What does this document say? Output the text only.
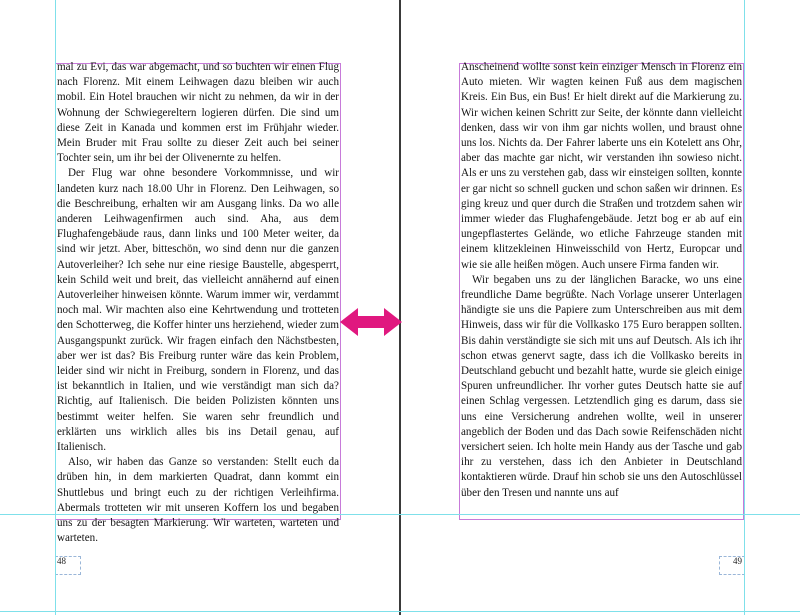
mal zu Evi, das war abgemacht, und so buchten wir einen Flug nach Florenz. Mit einem Leihwagen dazu bleiben wir auch mobil. Ein Hotel brauchen wir nicht zu nehmen, da wir in der Wohnung der Schwiegereltern logieren dürfen. Die sind um diese Zeit in Kanada und kommen erst im Frühjahr wieder. Mein Bruder mit Frau sollte zu dieser Zeit auch bei seiner Tochter sein, um ihr bei der Olivenernte zu helfen.

Der Flug war ohne besondere Vorkommnisse, und wir landeten kurz nach 18.00 Uhr in Florenz. Den Leihwagen, so die Beschreibung, erhalten wir am Ausgang links. Da wo alle anderen Leihwagenfirmen auch sind. Aha, aus dem Flughafengebäude raus, dann links und 100 Meter weiter, da sind wir jetzt. Aber, bitteschön, wo sind denn nur die ganzen Autoverleiher? Ich sehe nur eine riesige Baustelle, abgesperrt, kein Schild weit und breit, das vielleicht annähernd auf einen Autoverleiher hinweisen könnte. Warum immer wir, verdammt noch mal. Wir machten also eine Kehrtwendung und trotteten den Schotterweg, die Koffer hinter uns herziehend, wieder zum Ausgangspunkt zurück. Wir fragen einfach den Nächstbesten, aber wer ist das? Bis Freiburg runter wäre das kein Problem, leider sind wir nicht in Freiburg, sondern in Florenz, und das ist bekanntlich in Italien, und wie verständigt man sich da? Richtig, auf Italienisch. Die beiden Polizisten könnten uns bestimmt weiter helfen. Sie waren sehr freundlich und erklärten uns wirklich alles bis ins Detail genau, auf Italienisch.

Also, wir haben das Ganze so verstanden: Stellt euch da drüben hin, in dem markierten Quadrat, dann kommt ein Shuttlebus und bringt euch zu der richtigen Verleihfirma. Abermals trotteten wir mit unseren Koffern los und begaben uns zu der besagten Markierung. Wir warteten, warteten und warteten.

48

Anscheinend wollte sonst kein einziger Mensch in Florenz ein Auto mieten. Wir wagten keinen Fuß aus dem magischen Kreis. Ein Bus, ein Bus! Er hielt direkt auf die Markierung zu. Wir wichen keinen Schritt zur Seite, der könnte dann vielleicht denken, dass wir von ihm gar nichts wollen, und braust ohne uns los. Nichts da. Der Fahrer laberte uns ein Kotelett ans Ohr, aber das machte gar nicht, wir verstanden ihn sowieso nicht. Als er uns zu verstehen gab, dass wir einsteigen sollten, konnte er gar nicht so schnell gucken und schon saßen wir drinnen. Es ging kreuz und quer durch die Straßen und trotzdem sahen wir immer wieder das Flughafengebäude. Jetzt bog er ab auf ein ungepflastertes Gelände, wo etliche Fahrzeuge standen mit einem klitzekleinen Hinweisschild von Hertz, Europcar und wie sie alle heißen mögen. Auch unsere Firma fanden wir.

Wir begaben uns zu der länglichen Baracke, wo uns eine freundliche Dame begrüßte. Nach Vorlage unserer Unterlagen händigte sie uns die Papiere zum Unterschreiben aus mit dem Hinweis, dass wir für die Vollkasko 175 Euro berappen sollten. Bis dahin verständigte sie sich mit uns auf Deutsch. Als ich ihr schon etwas genervt sagte, dass ich die Vollkasko bereits in Deutschland gebucht und bezahlt hatte, wurde sie gleich einige Spuren unfreundlicher. Ihr vorher gutes Deutsch hatte sie auf einen Schlag vergessen. Letztendlich ging es darum, dass sie uns eine Versicherung andrehen wollte, weil in unserer angeblich der Boden und das Dach sowie Reifenschäden nicht versichert seien. Ich holte mein Handy aus der Tasche und gab ihr zu verstehen, dass ich den Anbieter in Deutschland kontaktieren würde. Drauf hin schob sie uns den Autoschlüssel über den Tresen und nannte uns auf

49
